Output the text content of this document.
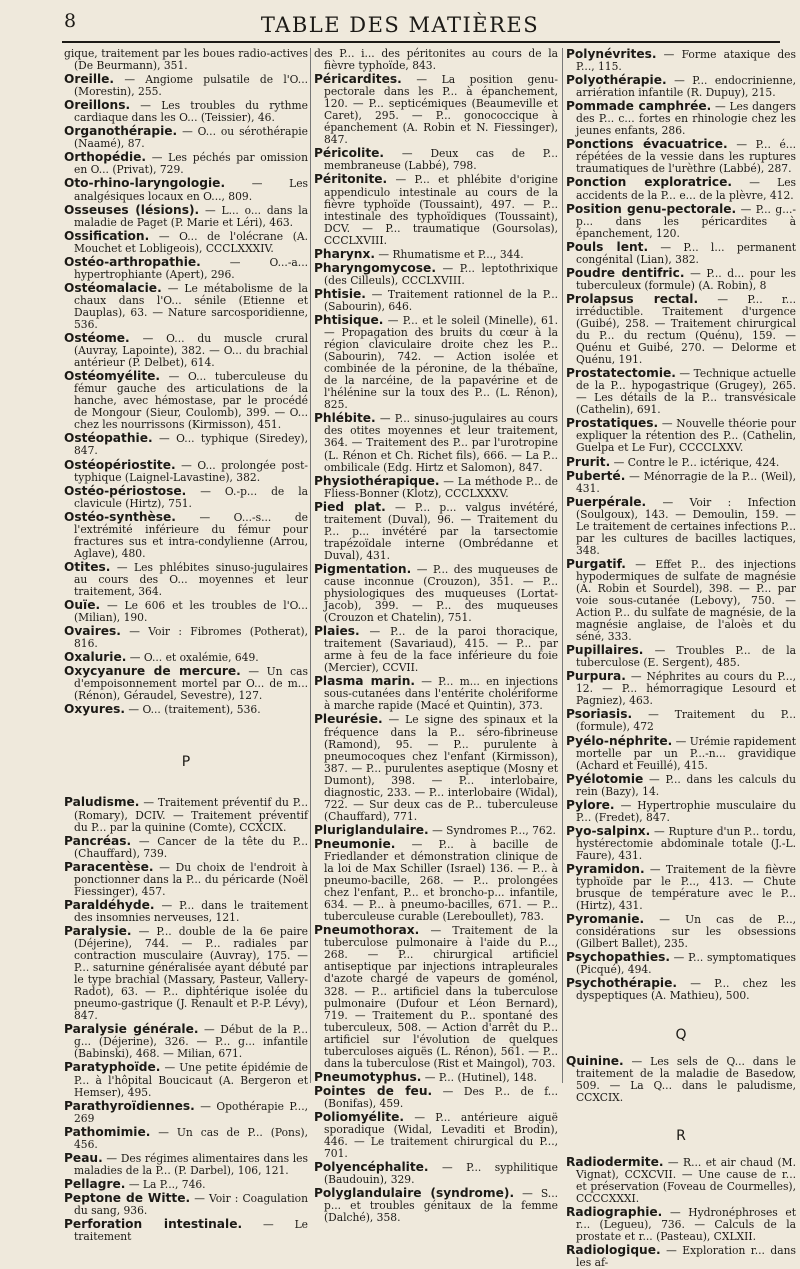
8	TABLE DES MATIÈRES
gique, traitement par les boues radio-actives (De Beurmann), 351.
Oreille. — Angiome pulsatile de l'O... (Morestin), 255.
Oreillons. — Les troubles du rythme cardiaque dans les O... (Teissier), 46.
Organothérapie. — O... ou sérothérapie (Naamé), 87.
Orthopédie. — Les péchés par omission en O... (Privat), 729.
Oto-rhino-laryngologie. — Les analgésiques locaux en O..., 809.
Osseuses (lésions). — L... o... dans la maladie de Paget (P. Marie et Léri), 463.
Ossification. — O... de l'olécrane (A. Mouchet et Lobligeois), CCCLXXXIV.
Ostéo-arthropathie. — O...-a... hypertrophiante (Apert), 296.
Ostéomalacie. — Le métabolisme de la chaux dans l'O... sénile (Etienne et Dauplas), 63. — Nature sarcosporidienne, 536.
Ostéome. — O... du muscle crural (Auvray, Lapointe), 382. — O... du brachial antérieur (P. Delbet), 614.
Ostéomyélite. — O... tuberculeuse du fémur gauche des articulations de la hanche, avec hémostase, par le procédé de Mongour (Sieur, Coulomb), 399. — O... chez les nourrissons (Kirmisson), 451.
Ostéopathie. — O... typhique (Siredey), 847.
Ostéopériostite. — O... prolongée post-typhique (Laignel-Lavastine), 382.
Ostéo-périostose. — O.-p... de la clavicule (Hirtz), 751.
Ostéo-synthèse. — O...-s... de l'extrémité inférieure du fémur pour fractures sus et intra-condylienne (Arrou, Aglave), 480.
Otites. — Les phlébites sinuso-jugulaires au cours des O... moyennes et leur traitement, 364.
Ouïe. — Le 606 et les troubles de l'O... (Milian), 190.
Ovaires. — Voir : Fibromes (Potherat), 816.
Oxalurie. — O... et oxalémie, 649.
Oxycyanure de mercure. — Un cas d'empoisonnement mortel par O... de m... (Rénon), Géraudel, Sevestre), 127.
Oxyures. — O... (traitement), 536.
P
Paludisme. — Traitement préventif du P... (Romary), DCIV. — Traitement préventif du P... par la quinine (Comte), CCXCIX.
Pancréas. — Cancer de la tête du P... (Chauffard), 739.
Paracentèse. — Du choix de l'endroit à ponctionner dans la P... du péricarde (Noël Fiessinger), 457.
Paraldéhyde. — P... dans le traitement des insomnies nerveuses, 121.
Paralysie. — P... double de la 6e paire (Déjerine), 744. — P... radiales par contraction musculaire (Auvray), 175. — P... saturnine généralisée ayant débuté par le type brachial (Massary, Pasteur, Vallery-Radot), 63. — P... diphtérique isolée du pneumo-gastrique (J. Renault et P.-P. Lévy), 847.
Paralysie générale. — Début de la P... g... (Déjerine), 326. — P... g... infantile (Babinski), 468. — Milian, 671.
Paratyphoïde. — Une petite épidémie de P... à l'hôpital Boucicaut (A. Bergeron et Hemser), 495.
Parathyroïdiennes. — Opothérapie P..., 269
Pathomimie. — Un cas de P... (Pons), 456.
Peau. — Des régimes alimentaires dans les maladies de la P... (P. Darbel), 106, 121.
Pellagre. — La P..., 746.
Peptone de Witte. — Voir : Coagulation du sang, 936.
Perforation intestinale. — Le traitement
des P... i... des péritonites au cours de la fièvre typhoïde, 843.
Péricardites. — La position genu-pectorale dans les P... à épanchement, 120. — P... septicémiques (Beaumeville et Caret), 295. — P... gonococcique à épanchement (A. Robin et N. Fiessinger), 847.
Péricolite. — Deux cas de P... membraneuse (Labbé), 798.
Péritonite. — P... et phlébite d'origine appendiculo intestinale au cours de la fièvre typhoïde (Toussaint), 497. — P... intestinale des typhoïdiques (Toussaint), DCV. — P... traumatique (Goursolas), CCCLXVIII.
Pharynx. — Rhumatisme et P..., 344.
Pharyngomycose. — P... leptothrixique (des Cilleuls), CCCLXVIII.
Phtisie. — Traitement rationnel de la P... (Sabourin), 646.
Phtisique. — P... et le soleil (Minelle), 61. — Propagation des bruits du cœur à la région claviculaire droite chez les P... (Sabourin), 742. — Action isolée et combinée de la péronine, de la thébaïne, de la narcéine, de la papavérine et de l'héléninе sur la toux des P... (L. Rénon), 825.
Phlébite. — P... sinuso-jugulaires au cours des otites moyennes et leur traitement, 364. — Traitement des P... par l'urotropine (L. Rénon et Ch. Richet fils), 666. — La P... ombilicale (Edg. Hirtz et Salomon), 847.
Physiothérapique. — La méthode P... de Fliess-Bonner (Klotz), CCCLXXXV.
Pied plat. — P... p... valgus invétéré, traitement (Duval), 96. — Traitement du P... p... invétéré par la tarsectomie trapézoïdale interne (Ombrédanne et Duval), 431.
Pigmentation. — P... des muqueuses de cause inconnue (Crouzon), 351. — P... physiologiques des muqueuses (Lortat-Jacob), 399. — P... des muqueuses (Crouzon et Chatelin), 751.
Plaies. — P... de la paroi thoracique, traitement (Savariaud), 415. — P... par arme à feu de la face inférieure du foie (Mercier), CCVII.
Plasma marin. — P... m... en injections sous-cutanées dans l'entérite cholériforme à marche rapide (Macé et Quintin), 373.
Pleurésie. — Le signe des spinaux et la fréquence dans la P... séro-fibrineuse (Ramond), 95. — P... purulente à pneumocoques chez l'enfant (Kirmisson), 387. — P... purulentes aseptique (Mosny et Dumont), 398. — P... interlobaire, diagnostic, 233. — P... interlobaire (Widal), 722. — Sur deux cas de P... tuberculeuse (Chauffard), 771.
Pluriglandulaire. — Syndromes P..., 762.
Pneumonie. — P... à bacille de Friedlander et démonstration clinique de la loi de Max Schiller (Israel) 136. — P... à pneumo-bacille, 268. — P... prolongées chez l'enfant, P... et broncho-p... infantile, 634. — P... à pneumo-bacilles, 671. — P... tuberculeuse curable (Lereboullet), 783.
Pneumothorax. — Traitement de la tuberculose pulmonaire à l'aide du P..., 268. — P... chirurgical artificiel antiseptique par injections intrapleurales d'azote chargé de vapeurs de goménol, 328. — P... artificiel dans la tuberculose pulmonaire (Dufour et Léon Bernard), 719. — Traitement du P... spontané des tuberculeux, 508. — Action d'arrêt du P... artificiel sur l'évolution de quelques tuberculoses aiguës (L. Rénon), 561. — P... dans la tuberculose (Rist et Maingol), 703.
Pneumotyphus. — P... (Hutinel), 148.
Pointes de feu. — Des P... de f... (Bonifas), 459.
Poliomyélite. — P... antérieure aiguë sporadique (Widal, Levaditi et Brodin), 446. — Le traitement chirurgical du P..., 701.
Polyencéphalite. — P... syphilitique (Baudouin), 329.
Polyglandulaire (syndrome). — S... p... et troubles génitaux de la femme (Dalché), 358.
Polynévrites. — Forme ataxique des P..., 115.
Polyothérapie. — P... endocrinienne, arriération infantile (R. Dupuy), 215.
Pommade camphrée. — Les dangers des P... c... fortes en rhinologie chez les jeunes enfants, 286.
Ponctions évacuatrice. — P... é... répétées de la vessie dans les ruptures traumatiques de l'urèthre (Labbé), 287.
Ponction exploratrice. — Les accidents de la P... e... de la plèvre, 412.
Position genu-pectorale. — P... g...-p... dans les péricardites à épanchement, 120.
Pouls lent. — P... l... permanent congénital (Lian), 382.
Poudre dentifric. — P... d... pour les tuberculeux (formule) (A. Robin), 8
Prolapsus rectal. — P... r... irréductible. Traitement d'urgence (Guibé), 258. — Traitement chirurgical du P... du rectum (Quénu), 159. — Quénu et Guibé, 270. — Delorme et Quénu, 191.
Prostatectomie. — Technique actuelle de la P... hypogastrique (Grugey), 265. — Les détails de la P... transvésicale (Cathelin), 691.
Prostatiques. — Nouvelle théorie pour expliquer la rétention des P... (Cathelin, Guelpa et Le Fur), CCCCLXXV.
Prurit. — Contre le P... ictérique, 424.
Puberté. — Ménorragie de la P... (Weil), 431.
Puerpérale. — Voir : Infection (Soulgoux), 143. — Demoulin, 159. — Le traitement de certaines infections P... par les cultures de bacilles lactiques, 348.
Purgatif. — Effet P... des injections hypodermiques de sulfate de magnésie (A. Robin et Sourdel), 398. — P... par voie sous-cutanée (Lebovy), 750. — Action P... du sulfate de magnésie, de la magnésie anglaise, de l'aloès et du séné, 333.
Pupillaires. — Troubles P... de la tuberculose (E. Sergent), 485.
Purpura. — Néphrites au cours du P..., 12. — P... hémorragique Lesourd et Pagniez), 463.
Psoriasis. — Traitement du P... (formule), 472
Pyélo-néphrite. — Urémie rapidement mortelle par un P...-n... gravidique (Achard et Feuillé), 415.
Pyélotomie — P... dans les calculs du rein (Bazy), 14.
Pylore. — Hypertrophie musculaire du P... (Fredet), 847.
Pyo-salpinx. — Rupture d'un P... tordu, hystérectomie abdominale totale (J.-L. Faure), 431.
Pyramidon. — Traitement de la fièvre typhoïde par le P..., 413. — Chute brusque de température avec le P... (Hirtz), 431.
Pyromanie. — Un cas de P..., considérations sur les obsessions (Gilbert Ballet), 235.
Psychopathies. — P... symptomatiques (Picqué), 494.
Psychothérapie. — P... chez les dyspeptiques (A. Mathieu), 500.
Q
Quinine. — Les sels de Q... dans le traitement de la maladie de Basedow, 509. — La Q... dans le paludisme, CCXCIX.
R
Radiodermite. — R... et air chaud (M. Vignat), CCXCVII. — Une cause de r... et préservation (Foveau de Courmelles), CCCCXXXI.
Radiographie. — Hydronéphroses et r... (Legueu), 736. — Calculs de la prostate et r... (Pasteau), CXLXII.
Radiologique. — Exploration r... dans les af-
